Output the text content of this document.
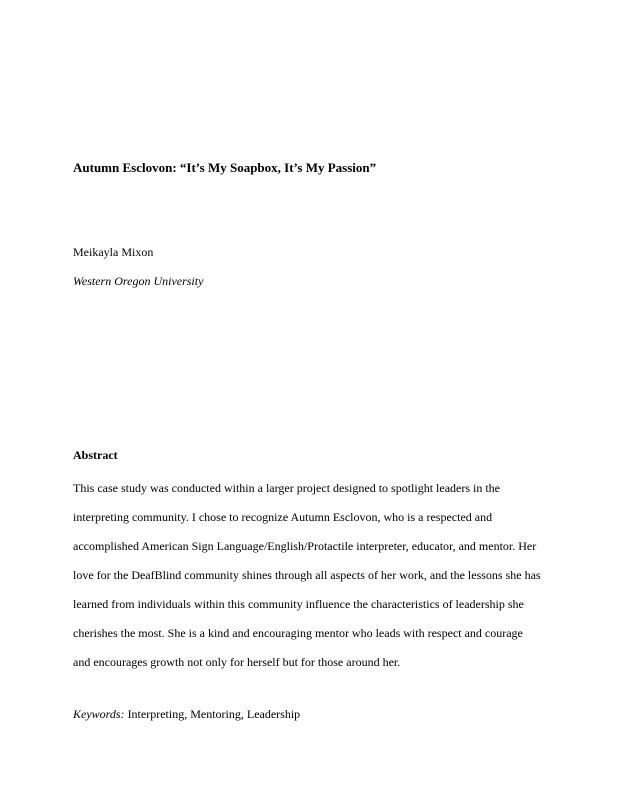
Autumn Esclovon: “It’s My Soapbox, It’s My Passion”
Meikayla Mixon
Western Oregon University
Abstract
This case study was conducted within a larger project designed to spotlight leaders in the
interpreting community. I chose to recognize Autumn Esclovon, who is a respected and
accomplished American Sign Language/English/Protactile interpreter, educator, and mentor. Her
love for the DeafBlind community shines through all aspects of her work, and the lessons she has
learned from individuals within this community influence the characteristics of leadership she
cherishes the most. She is a kind and encouraging mentor who leads with respect and courage
and encourages growth not only for herself but for those around her.
Keywords: Interpreting, Mentoring, Leadership
